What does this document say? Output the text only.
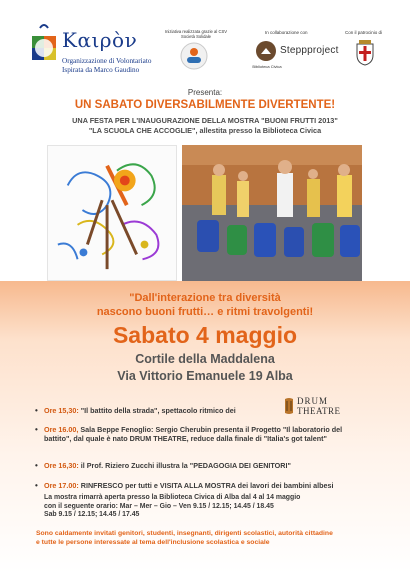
Καιρὸν
Organizzazione di Volontariato
Ispirata da Marco Gaudino
Iniziativa realizzata grazie al CSV Società Solidale
In collaborazione con
Biblioteca Civica
Steppproject
Con il patrocinio di
Presenta:
UN SABATO DIVERSABILMENTE DIVERTENTE!
UNA FESTA PER L'INAUGURAZIONE DELLA MOSTRA "BUONI FRUTTI 2013"
"LA SCUOLA CHE ACCOGLIE", allestita presso la Biblioteca Civica
"Dall'interazione tra diversità
nascono buoni frutti… e ritmi travolgenti!
Sabato 4 maggio
Cortile della Maddalena
Via Vittorio Emanuele 19 Alba
• Ore 15,30: "Il battito della strada", spettacolo ritmico dei
DRUM
THEATRE
• Ore 16.00, Sala Beppe Fenoglio: Sergio Cherubin presenta il Progetto "Il laboratorio del battito", dal quale è nato DRUM THEATRE, reduce dalla finale di "Italia's got talent"
• Ore 16,30: il Prof. Riziero Zucchi illustra la "PEDAGOGIA DEI GENITORI"
• Ore 17.00: RINFRESCO per tutti e VISITA ALLA MOSTRA dei lavori dei bambini albesi
La mostra rimarrà aperta presso la Biblioteca Civica di Alba dal 4 al 14 maggio
con il seguente orario: Mar – Mer – Gio – Ven 9.15 / 12.15; 14.45 / 18.45
Sab 9.15 / 12.15; 14.45 / 17.45
Sono caldamente invitati genitori, studenti, insegnanti, dirigenti scolastici, autorità cittadine
e tutte le persone interessate al tema dell'inclusione scolastica e sociale
